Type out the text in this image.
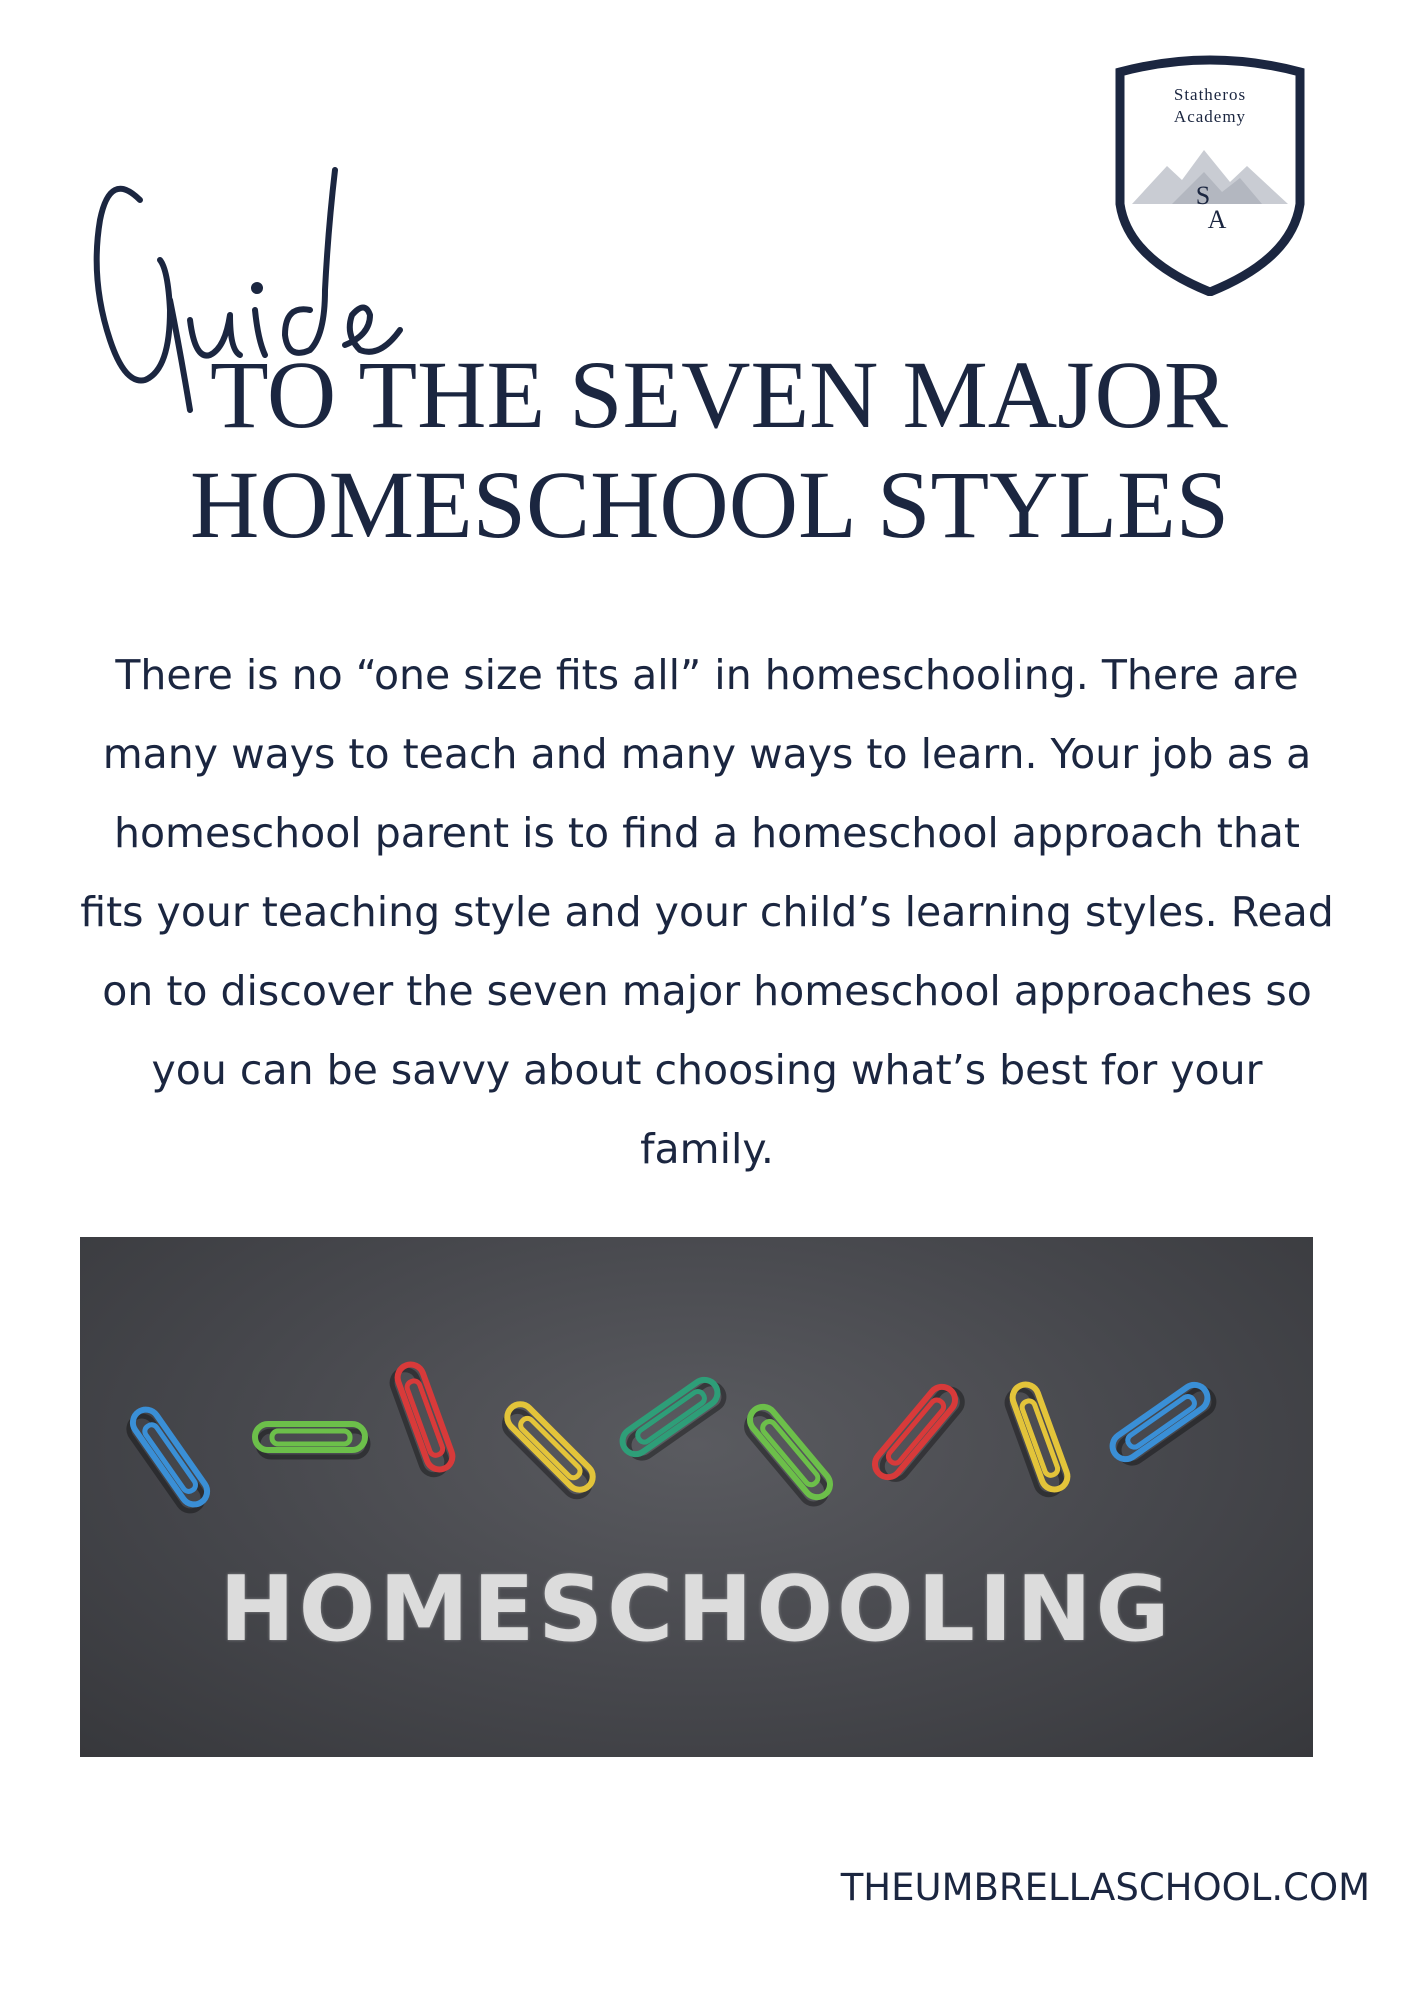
Statheros
Academy
S
A
TO THE SEVEN MAJOR
HOMESCHOOL STYLES

There is no “one size fits all” in homeschooling. There are many ways to teach and many ways to learn. Your job as a homeschool parent is to find a homeschool approach that fits your teaching style and your child’s learning styles. Read on to discover the seven major homeschool approaches so you can be savvy about choosing what’s best for your family.

HOMESCHOOLING
THEUMBRELLASCHOOL.COM
